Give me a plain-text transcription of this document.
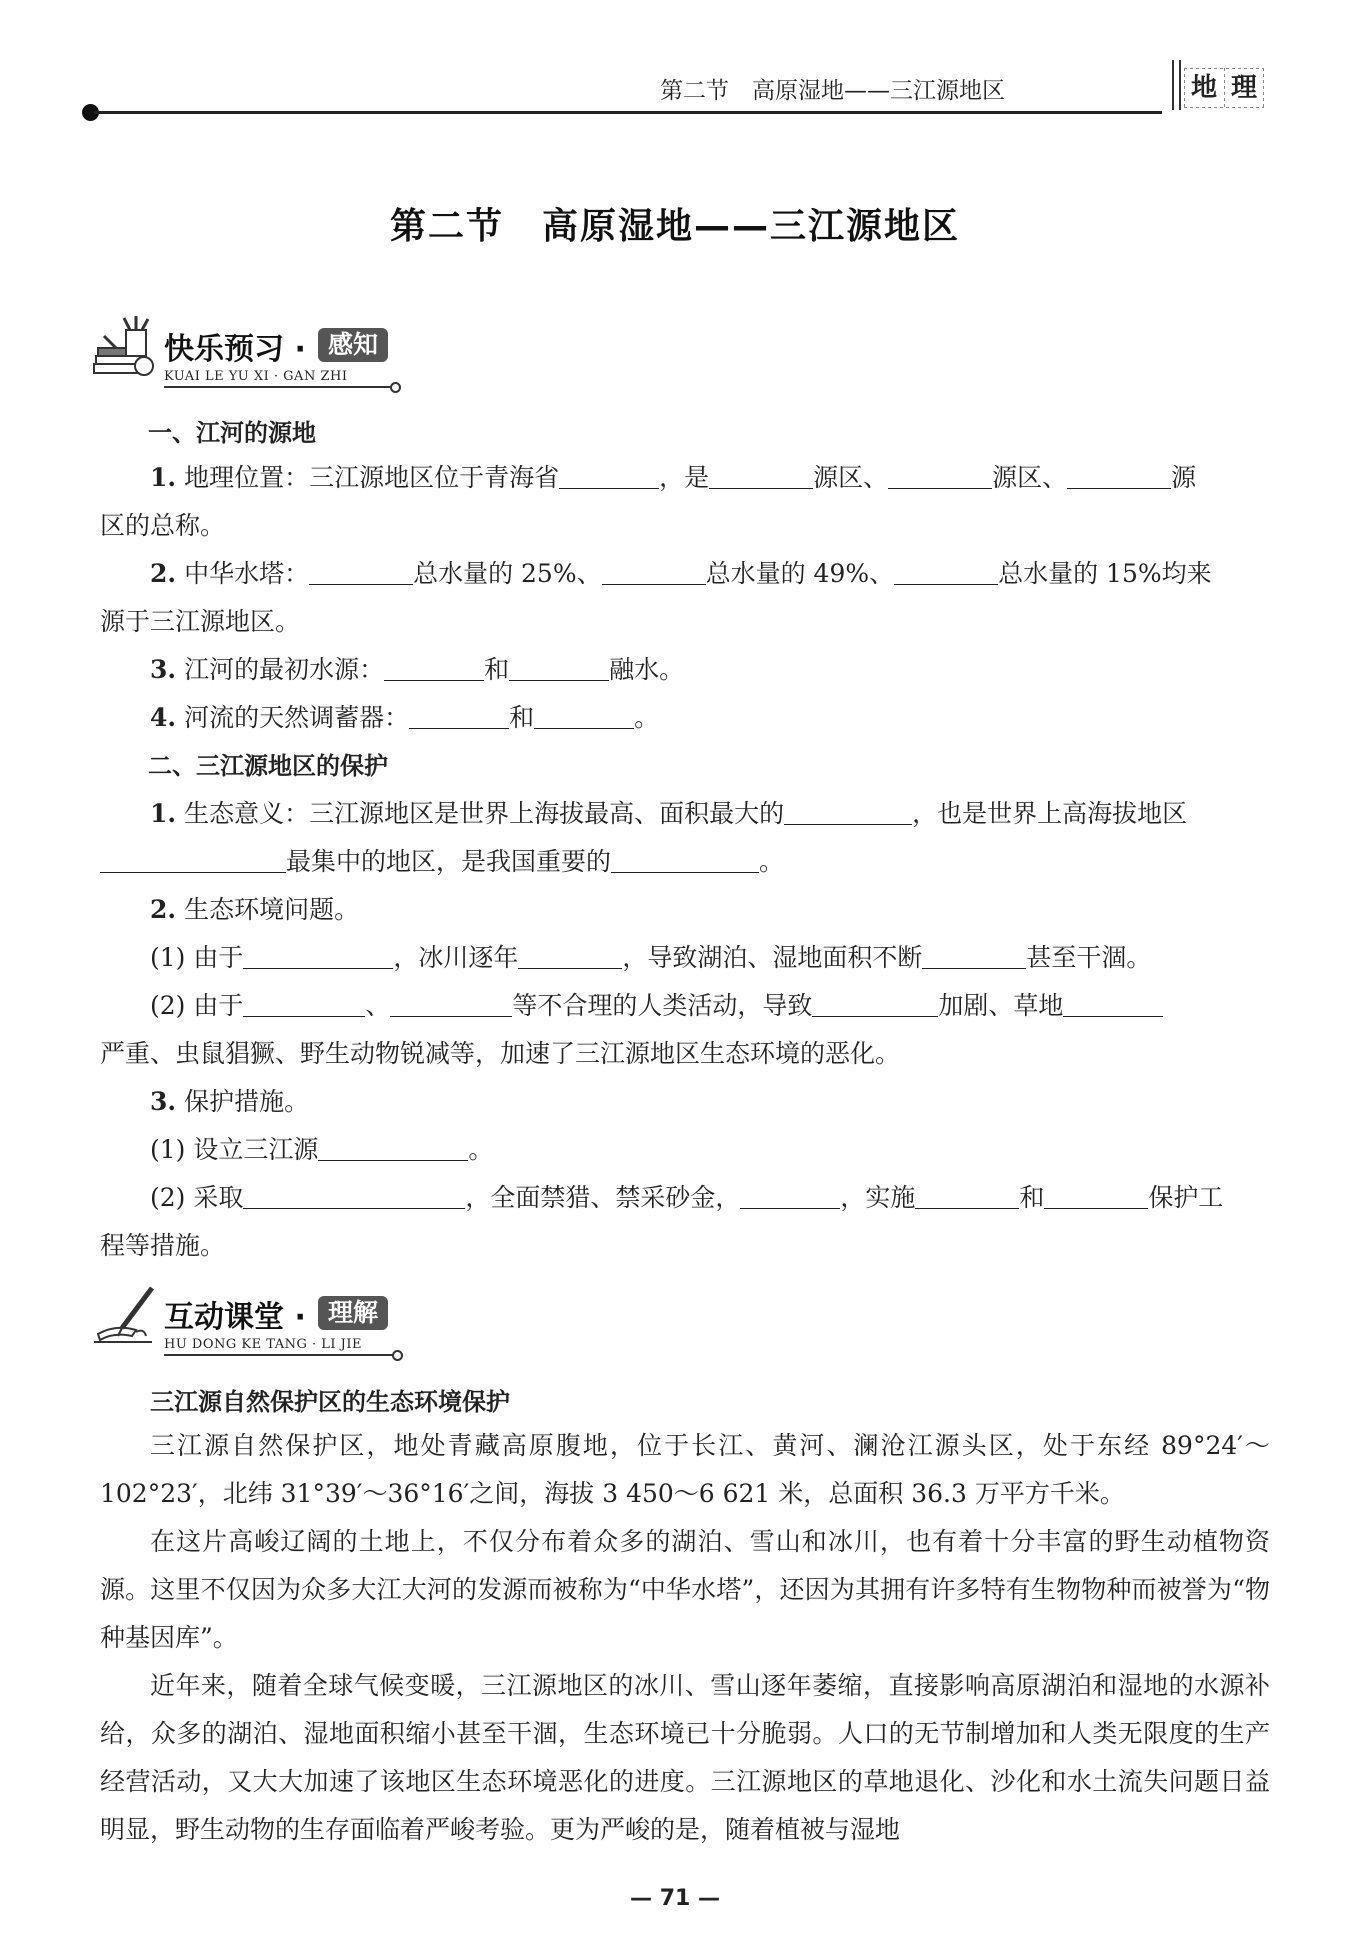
第二节　高原湿地——三江源地区	地 理
第二节　高原湿地——三江源地区
快乐预习 · 感知
KUAI LE YU XI · GAN ZHI
一、江河的源地
1. 地理位置：三江源地区位于青海省	，是	源区、	源区、	源
区的总称。
2. 中华水塔：	总水量的 25%、	总水量的 49%、	总水量的 15%均来
源于三江源地区。
3. 江河的最初水源：	和	融水。
4. 河流的天然调蓄器：	和	。
二、三江源地区的保护
1. 生态意义：三江源地区是世界上海拔最高、面积最大的	，也是世界上高海拔地区
最集中的地区，是我国重要的	。
2. 生态环境问题。
(1) 由于	，冰川逐年	，导致湖泊、湿地面积不断	甚至干涸。
(2) 由于	、	等不合理的人类活动，导致	加剧、草地
严重、虫鼠猖獗、野生动物锐减等，加速了三江源地区生态环境的恶化。
3. 保护措施。
(1) 设立三江源	。
(2) 采取	，全面禁猎、禁采砂金，	，实施	和	保护工
程等措施。
互动课堂 · 理解
HU DONG KE TANG · LI JIE
三江源自然保护区的生态环境保护
三江源自然保护区，地处青藏高原腹地，位于长江、黄河、澜沧江源头区，处于东经 89°24′～102°23′，北纬 31°39′～36°16′之间，海拔 3 450～6 621 米，总面积 36.3 万平方千米。
在这片高峻辽阔的土地上，不仅分布着众多的湖泊、雪山和冰川，也有着十分丰富的野生动植物资源。这里不仅因为众多大江大河的发源而被称为“中华水塔”，还因为其拥有许多特有生物物种而被誉为“物种基因库”。
近年来，随着全球气候变暖，三江源地区的冰川、雪山逐年萎缩，直接影响高原湖泊和湿地的水源补给，众多的湖泊、湿地面积缩小甚至干涸，生态环境已十分脆弱。人口的无节制增加和人类无限度的生产经营活动，又大大加速了该地区生态环境恶化的进度。三江源地区的草地退化、沙化和水土流失问题日益明显，野生动物的生存面临着严峻考验。更为严峻的是，随着植被与湿地
— 71 —
